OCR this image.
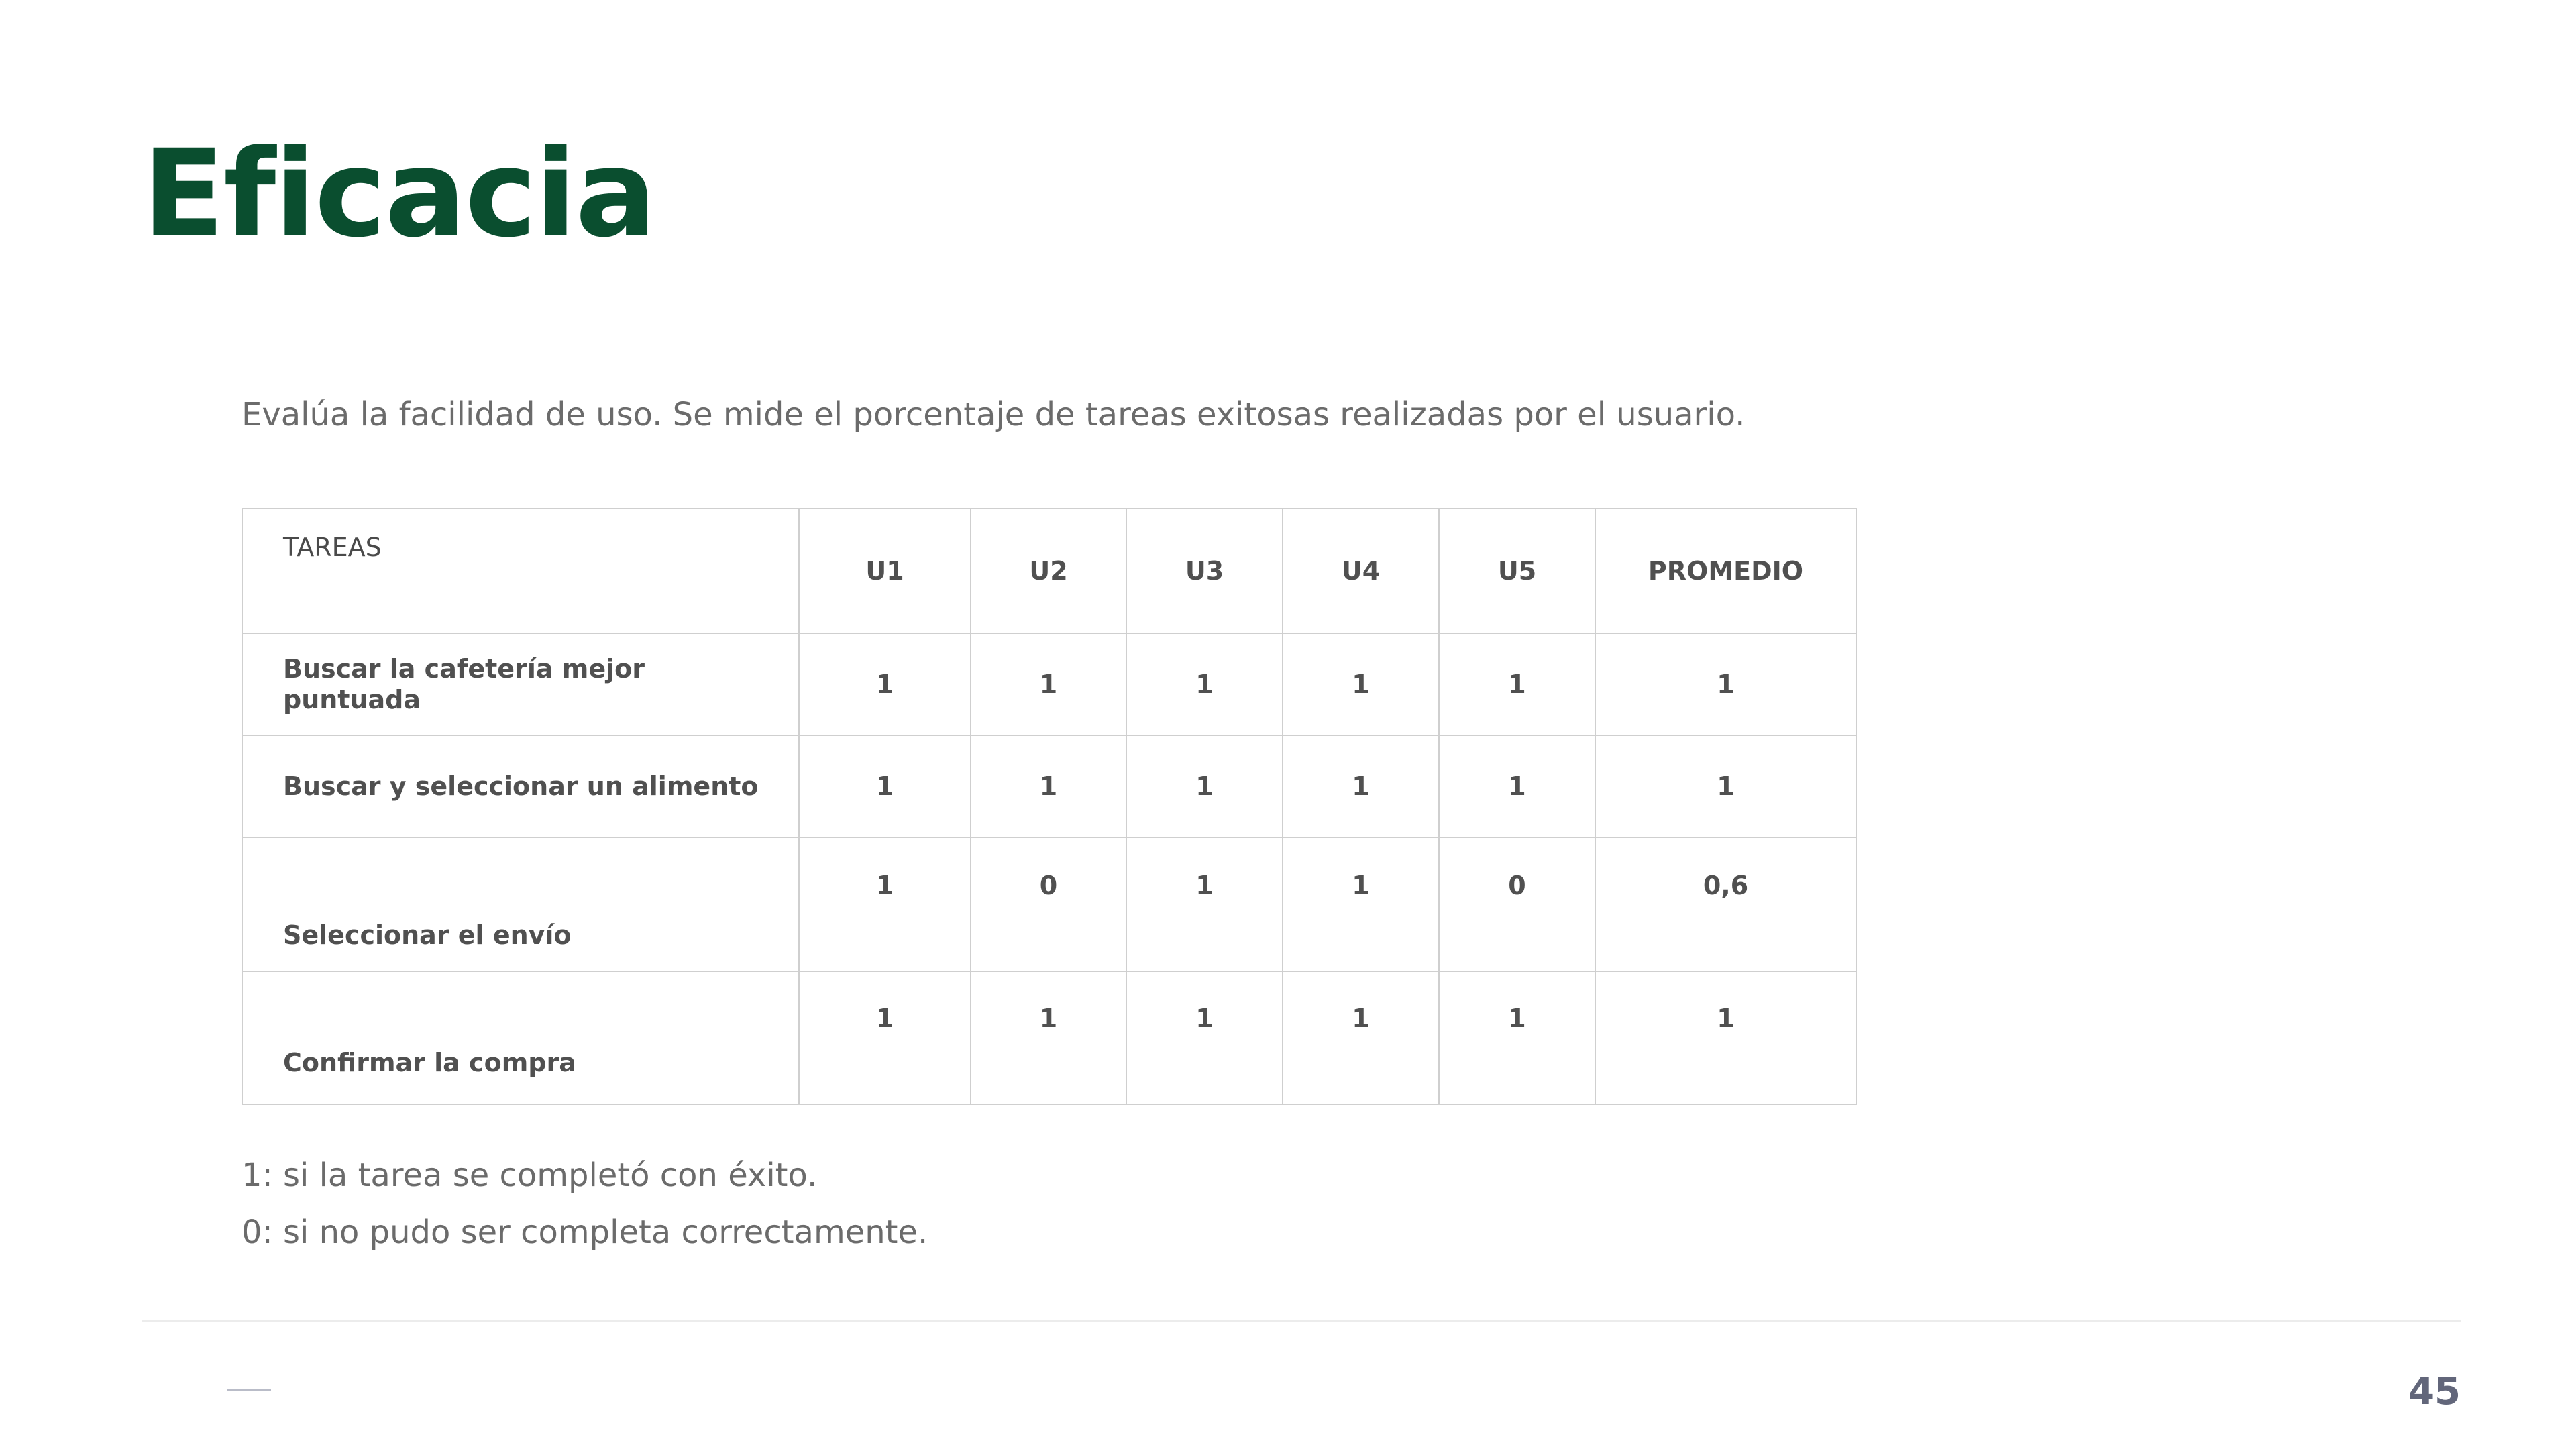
Eficacia

Evalúa la facilidad de uso. Se mide el porcentaje de tareas exitosas realizadas por el usuario.

TAREAS	U1	U2	U3	U4	U5	PROMEDIO
Buscar la cafetería mejor puntuada	1	1	1	1	1	1
Buscar y seleccionar un alimento	1	1	1	1	1	1
Seleccionar el envío	1	0	1	1	0	0,6
Confirmar la compra	1	1	1	1	1	1

1: si la tarea se completó con éxito.

0: si no pudo ser completa correctamente.

45
